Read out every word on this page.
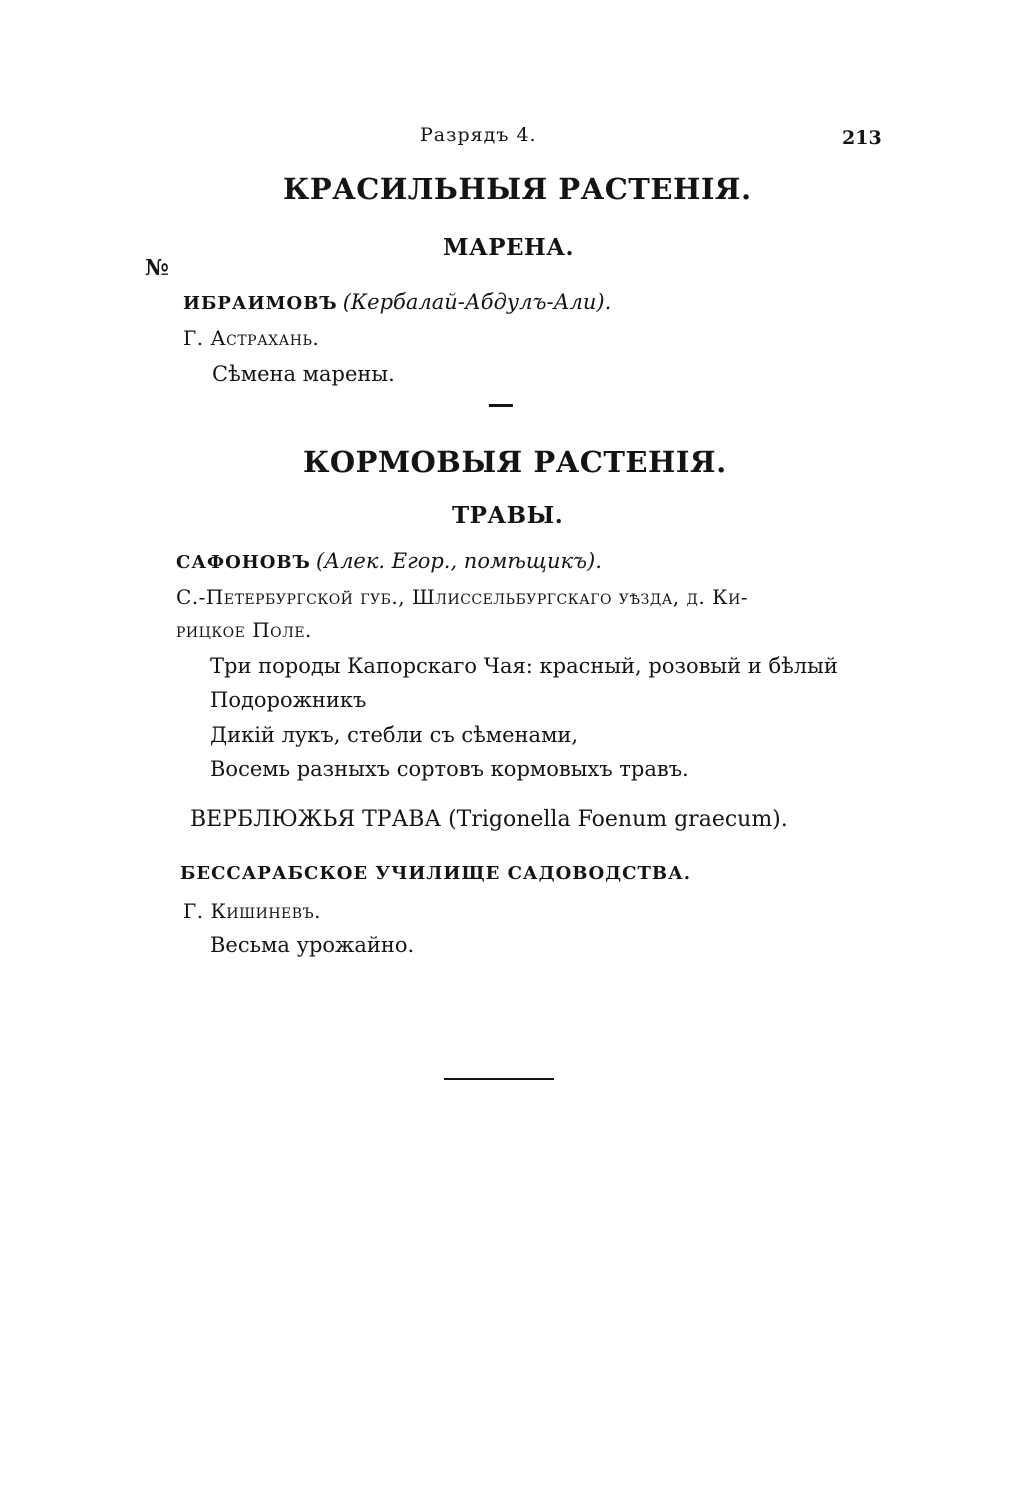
Разрядъ 4.	213
КРАСИЛЬНЫЯ РАСТЕНІЯ.
МАРЕНА.
№
ИБРАИМОВЪ (Кербалай-Абдулъ-Али).
Г. Астрахань.
Сѣмена марены.
КОРМОВЫЯ РАСТЕНІЯ.
ТРАВЫ.
САФОНОВЪ (Алек. Егор., помѣщикъ).
С.-Петербургской губ., Шлиссельбургскаго уѣзда, д. Ки-
рицкое Поле.
Три породы Капорскаго Чая: красный, розовый и бѣлый
Подорожникъ
Дикій лукъ, стебли съ сѣменами,
Восемь разныхъ сортовъ кормовыхъ травъ.
ВЕРБЛЮЖЬЯ ТРАВА (Trigonella Foenum graecum).
БЕССАРАБСКОЕ УЧИЛИЩЕ САДОВОДСТВА.
Г. Кишиневъ.
Весьма урожайно.
